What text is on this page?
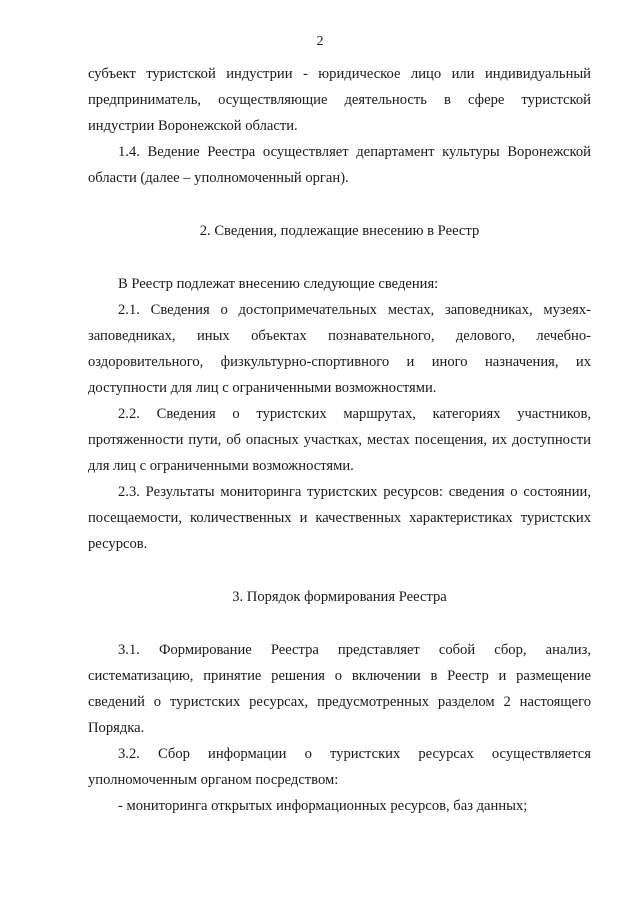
2

субъект туристской индустрии - юридическое лицо или индивидуальный предприниматель, осуществляющие деятельность в сфере туристской индустрии Воронежской области.

1.4. Ведение Реестра осуществляет департамент культуры Воронежской области (далее – уполномоченный орган).

2. Сведения, подлежащие внесению в Реестр

В Реестр подлежат внесению следующие сведения:

2.1. Сведения о достопримечательных местах, заповедниках, музеях-заповедниках, иных объектах познавательного, делового, лечебно-оздоровительного, физкультурно-спортивного и иного назначения, их доступности для лиц с ограниченными возможностями.

2.2. Сведения о туристских маршрутах, категориях участников, протяженности пути, об опасных участках, местах посещения, их доступности для лиц с ограниченными возможностями.

2.3. Результаты мониторинга туристских ресурсов: сведения о состоянии, посещаемости, количественных и качественных характеристиках туристских ресурсов.

3. Порядок формирования Реестра

3.1. Формирование Реестра представляет собой сбор, анализ, систематизацию, принятие решения о включении в Реестр и размещение сведений о туристских ресурсах, предусмотренных разделом 2 настоящего Порядка.

3.2. Сбор информации о туристских ресурсах осуществляется уполномоченным органом посредством:

- мониторинга открытых информационных ресурсов, баз данных;
